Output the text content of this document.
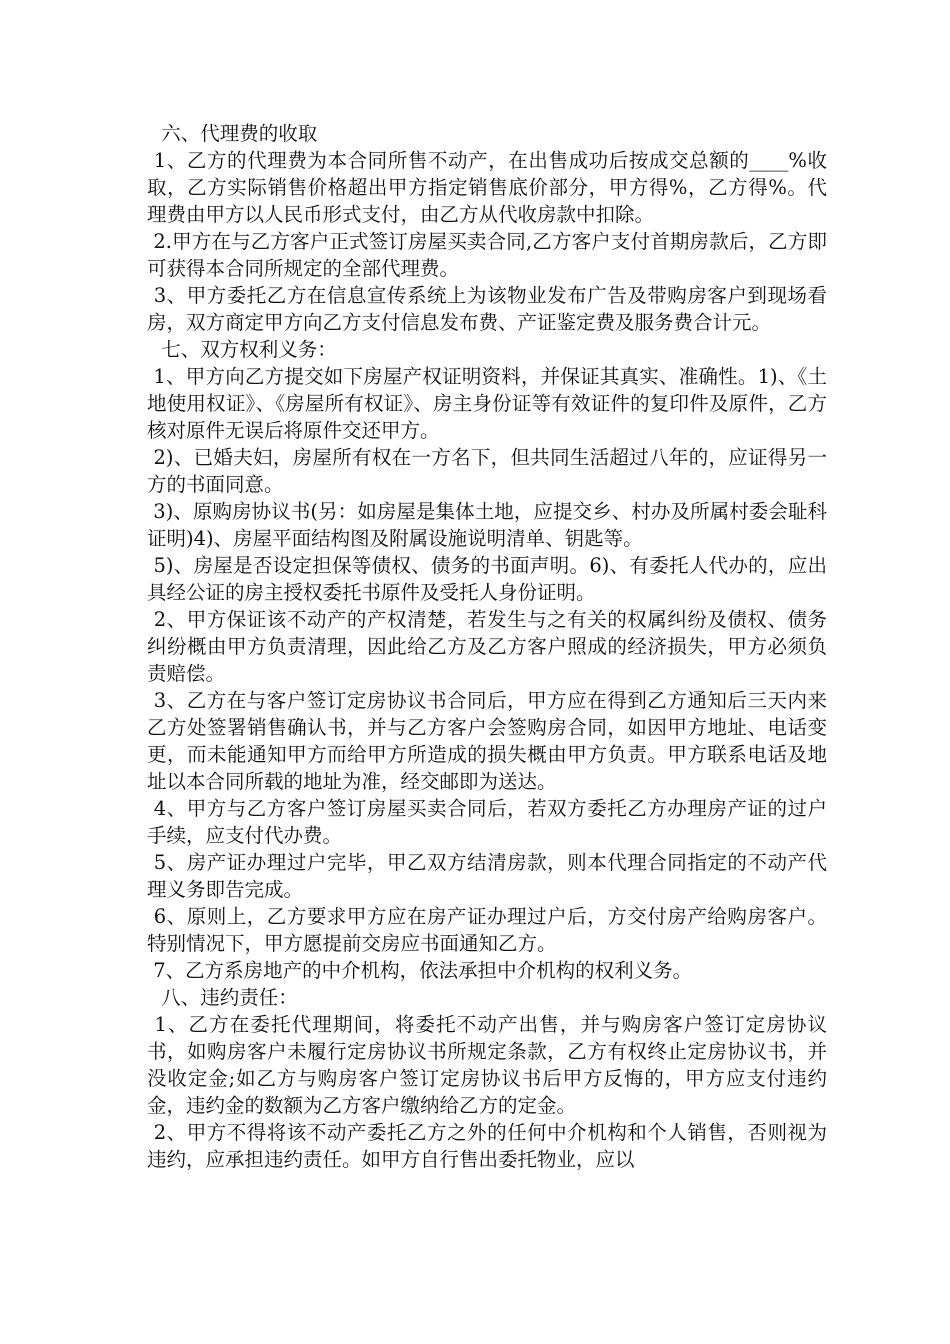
六、代理费的收取

1、乙方的代理费为本合同所售不动产，在出售成功后按成交总额的____%收取，乙方实际销售价格超出甲方指定销售底价部分，甲方得%，乙方得%。代理费由甲方以人民币形式支付，由乙方从代收房款中扣除。

2.甲方在与乙方客户正式签订房屋买卖合同,乙方客户支付首期房款后，乙方即可获得本合同所规定的全部代理费。

3、甲方委托乙方在信息宣传系统上为该物业发布广告及带购房客户到现场看房，双方商定甲方向乙方支付信息发布费、产证鉴定费及服务费合计元。

七、双方权利义务：

1、甲方向乙方提交如下房屋产权证明资料，并保证其真实、准确性。1)、《土地使用权证》、《房屋所有权证》、房主身份证等有效证件的复印件及原件，乙方核对原件无误后将原件交还甲方。

2)、已婚夫妇，房屋所有权在一方名下，但共同生活超过八年的，应证得另一方的书面同意。

3)、原购房协议书(另：如房屋是集体土地，应提交乡、村办及所属村委会耻科证明)4)、房屋平面结构图及附属设施说明清单、钥匙等。

5)、房屋是否设定担保等债权、债务的书面声明。6)、有委托人代办的，应出具经公证的房主授权委托书原件及受托人身份证明。

2、甲方保证该不动产的产权清楚，若发生与之有关的权属纠纷及债权、债务纠纷概由甲方负责清理，因此给乙方及乙方客户照成的经济损失，甲方必须负责赔偿。

3、乙方在与客户签订定房协议书合同后，甲方应在得到乙方通知后三天内来乙方处签署销售确认书，并与乙方客户会签购房合同，如因甲方地址、电话变更，而未能通知甲方而给甲方所造成的损失概由甲方负责。甲方联系电话及地址以本合同所载的地址为准，经交邮即为送达。

4、甲方与乙方客户签订房屋买卖合同后，若双方委托乙方办理房产证的过户手续，应支付代办费。

5、房产证办理过户完毕，甲乙双方结清房款，则本代理合同指定的不动产代理义务即告完成。

6、原则上，乙方要求甲方应在房产证办理过户后，方交付房产给购房客户。特别情况下，甲方愿提前交房应书面通知乙方。

7、乙方系房地产的中介机构，依法承担中介机构的权利义务。

八、违约责任：

1、乙方在委托代理期间，将委托不动产出售，并与购房客户签订定房协议书，如购房客户未履行定房协议书所规定条款，乙方有权终止定房协议书，并没收定金;如乙方与购房客户签订定房协议书后甲方反悔的，甲方应支付违约金，违约金的数额为乙方客户缴纳给乙方的定金。

2、甲方不得将该不动产委托乙方之外的任何中介机构和个人销售，否则视为违约，应承担违约责任。如甲方自行售出委托物业，应以
